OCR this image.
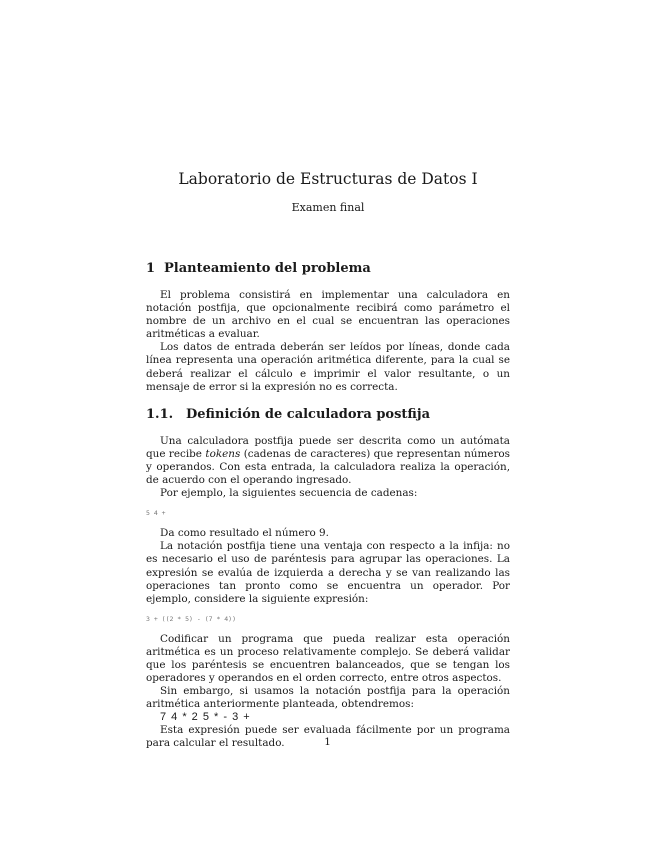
Laboratorio de Estructuras de Datos I
Examen final
1 Planteamiento del problema

El problema consistirá en implementar una calculadora en notación postfija, que opcionalmente recibirá como parámetro el nombre de un archivo en el cual se encuentran las operaciones aritméticas a evaluar.

Los datos de entrada deberán ser leídos por líneas, donde cada línea representa una operación aritmética diferente, para la cual se deberá realizar el cálculo e imprimir el valor resultante, o un mensaje de error si la expresión no es correcta.

1.1. Definición de calculadora postfija

Una calculadora postfija puede ser descrita como un autómata que recibe tokens (cadenas de caracteres) que representan números y operandos. Con esta entrada, la calculadora realiza la operación, de acuerdo con el operando ingresado.

Por ejemplo, la siguientes secuencia de cadenas:

5 4 +

Da como resultado el número 9.

La notación postfija tiene una ventaja con respecto a la infija: no es necesario el uso de paréntesis para agrupar las operaciones. La expresión se evalúa de izquierda a derecha y se van realizando las operaciones tan pronto como se encuentra un operador. Por ejemplo, considere la siguiente expresión:

3 + ((2 * 5) - (7 * 4))

Codificar un programa que pueda realizar esta operación aritmética es un proceso relativamente complejo. Se deberá validar que los paréntesis se encuentren balanceados, que se tengan los operadores y operandos en el orden correcto, entre otros aspectos.

Sin embargo, si usamos la notación postfija para la operación aritmética anteriormente planteada, obtendremos:

7 4 * 2 5 * - 3 +

Esta expresión puede ser evaluada fácilmente por un programa para calcular el resultado.	1
